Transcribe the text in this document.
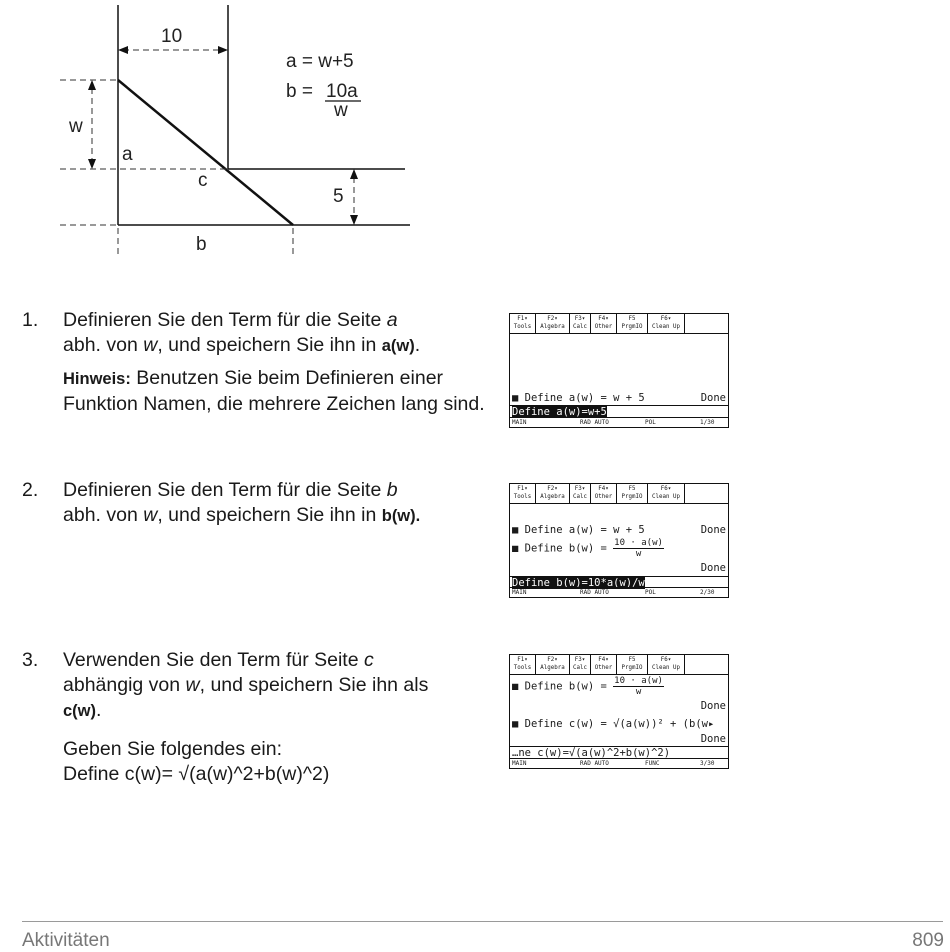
10
w
5
a
c
b
a = w+5
b = 10a
w
1.	Definieren Sie den Term für die Seite a
abh. von w, und speichern Sie ihn in a(w).

Hinweis: Benutzen Sie beim Definieren einer Funktion Namen, die mehrere Zeichen lang sind.

2.	Definieren Sie den Term für die Seite b
abh. von w, und speichern Sie ihn in b(w).

3.	Verwenden Sie den Term für Seite c
abhängig von w, und speichern Sie ihn als
c(w).

Geben Sie folgendes ein:
Define c(w)= √(a(w)^2+b(w)^2)

F1▾
Tools
F2▾
Algebra
F3▾
Calc
F4▾
Other
F5
PrgmIO
F6▾
Clean Up
■ Define a(w) = w + 5	Done
Define a(w)=w+5

MAIN

	RAD AUTO

	POL

	1/30

F1▾
Tools
F2▾
Algebra
F3▾
Calc
F4▾
Other
F5
PrgmIO
F6▾
Clean Up
■ Define a(w) = w + 5	Done
■ Define $b(w) = \frac{10 \cdot a(w)}{w}$
Done
Define b(w)=10*a(w)/w

MAIN

	RAD AUTO

	POL

	2/30

F1▾
Tools
F2▾
Algebra
F3▾
Calc
F4▾
Other
F5
PrgmIO
F6▾
Clean Up
■ Define $b(w) = \frac{10 \cdot a(w)}{w}$
Done
■ Define c(w) = √(a(w))² + (b(w▸
Done
…ne c(w)=√(a(w)^2+b(w)^2)

MAIN

	RAD AUTO

	FUNC

	3/30

Aktivitäten	809
